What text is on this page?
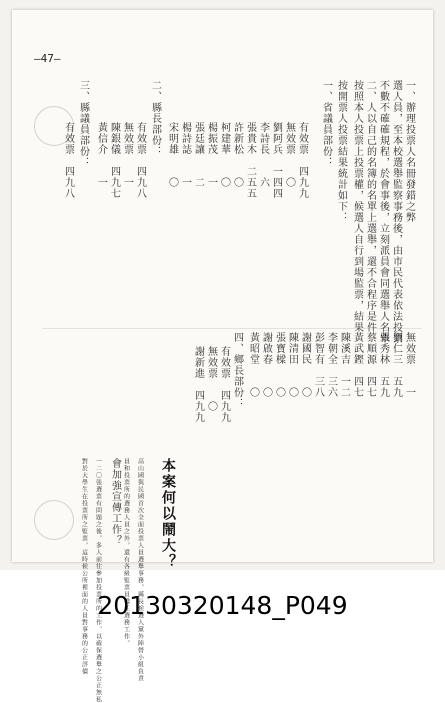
—47—
一、辦理投票人名冊發錯之弊
選人員，至本校選舉監察事務後，由市民代表依法投票
不數不確確規程，於會事後，立刻派員會同選舉人名單
二、人以自己的名簿的名單上選舉，還不合程序是件
按照本人投票上投票權，候選人自行到場監票，結果
按開票人投票結果統計如下：
一、省議員部份：
有效票　四九九
無效票　　〇
劉阿兵　一四四
李詩長　　六
張貴木　二五五
許新松　　〇
柯建華　　〇
楊振茂　　一
張廷讓　　二
楊詩誌　　一
宋明雄　　〇
二、縣長部份：
有效票　四九八
無效票　　一
陳銀儀　四九七
黃信介　　一
三、縣議員部份：
有效票　四九八
無效票　　一
劉仁三　五九
張秀林　五九
蔡順源　四七
黃武鏗　四七
陳溪吉　一二
李朝全　三六
彭智有　三八
謝國民　　〇
陳清田　　〇
張寶樑　　〇
謝啟春　　〇
黃昭堂　　〇
四、鄉長部份：
有效票　四九九
無效票　　〇
謝新進　四九九
本案何以鬧大？
高山國與民國首次全面投票人員選舉事務，縣長候選人黨外陣營小組負責
員和投票所的選務人員之外，還有各級監票員擔任選務工作。
會加強宣傳工作？
一二〇張選票有問題之後，多人前往參加投票所的工作，以確保選舉之公正無私
對於大學生在投票所之監票，這時候公所裡面的人員對事務的公正評價 20130320148_P049
